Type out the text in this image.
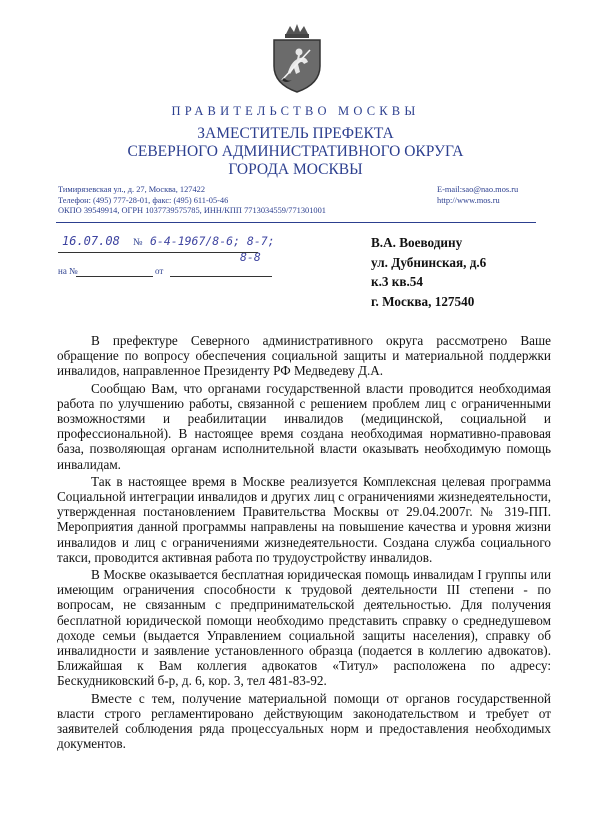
ПРАВИТЕЛЬСТВО МОСКВЫ
ЗАМЕСТИТЕЛЬ ПРЕФЕКТА
СЕВЕРНОГО АДМИНИСТРАТИВНОГО ОКРУГА
ГОРОДА МОСКВЫ
Тимирязевская ул., д. 27, Москва, 127422
Телефон: (495) 777-28-01, факс: (495) 611-05-46
ОКПО 39549914, ОГРН 1037739575785, ИНН/КПП 7713034559/771301001
E-mail:sao@nao.mos.ru
http://www.mos.ru
16.07.08 № 6-4-1967/8-6; 8-7;
8-8
на №	от
В.А. Воеводину
ул. Дубнинская, д.6
к.3 кв.54
г. Москва, 127540

В префектуре Северного административного округа рассмотрено Ваше обращение по вопросу обеспечения социальной защиты и материальной поддержки инвалидов, направленное Президенту РФ Медведеву Д.А.

Сообщаю Вам, что органами государственной власти проводится необходимая работа по улучшению работы, связанной с решением проблем лиц с ограниченными возможностями и реабилитации инвалидов (медицинской, социальной и профессиональной). В настоящее время создана необходимая нормативно-правовая база, позволяющая органам исполнительной власти оказывать необходимую помощь инвалидам.

Так в настоящее время в Москве реализуется Комплексная целевая программа Социальной интеграции инвалидов и других лиц с ограничениями жизнедеятельности, утвержденная постановлением Правительства Москвы от 29.04.2007г. № 319-ПП. Мероприятия данной программы направлены на повышение качества и уровня жизни инвалидов и лиц с ограничениями жизнедеятельности. Создана служба социального такси, проводится активная работа по трудоустройству инвалидов.

В Москве оказывается бесплатная юридическая помощь инвалидам I группы или имеющим ограничения способности к трудовой деятельности III степени - по вопросам, не связанным с предпринимательской деятельностью. Для получения бесплатной юридической помощи необходимо представить справку о среднедушевом доходе семьи (выдается Управлением социальной защиты населения), справку об инвалидности и заявление установленного образца (подается в коллегию адвокатов). Ближайшая к Вам коллегия адвокатов «Титул» расположена по адресу: Бескудниковский б-р, д. 6, кор. 3, тел 481-83-92.

Вместе с тем, получение материальной помощи от органов государственной власти строго регламентировано действующим законодательством и требует от заявителей соблюдения ряда процессуальных норм и предоставления необходимых документов.
